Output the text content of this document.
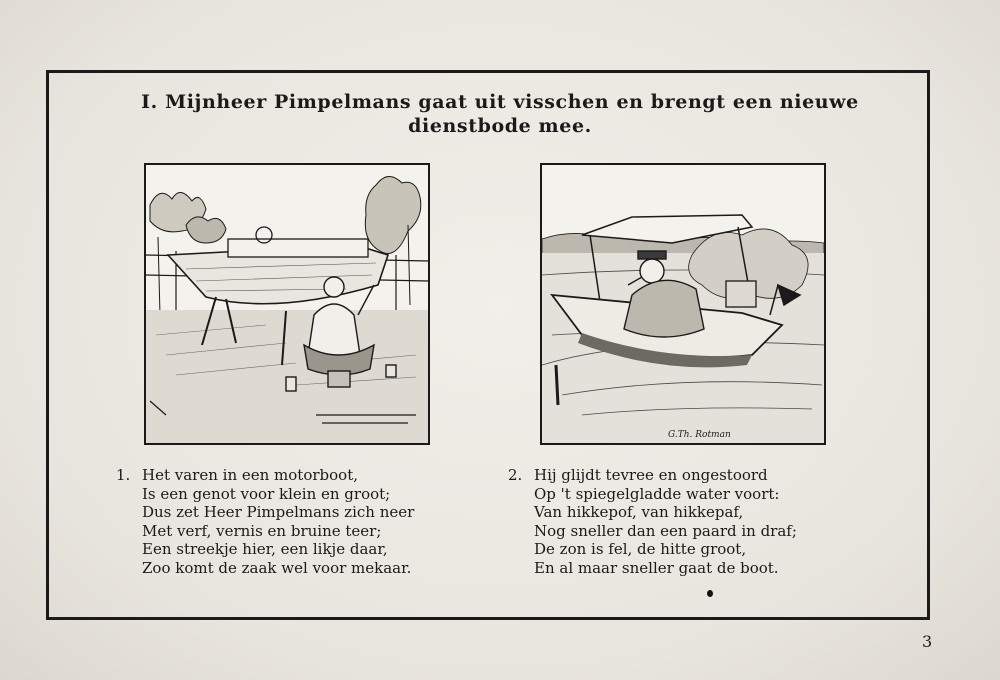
I. Mijnheer Pimpelmans gaat uit visschen en brengt een nieuwe
dienstbode mee.
G.Th. Rotman
1. Het varen in een motorboot,
Is een genot voor klein en groot;
Dus zet Heer Pimpelmans zich neer
Met verf, vernis en bruine teer;
Een streekje hier, een likje daar,
Zoo komt de zaak wel voor mekaar.
2. Hij glijdt tevree en ongestoord
Op 't spiegelgladde water voort:
Van hikkepof, van hikkepaf,
Nog sneller dan een paard in draf;
De zon is fel, de hitte groot,
En al maar sneller gaat de boot.
3
